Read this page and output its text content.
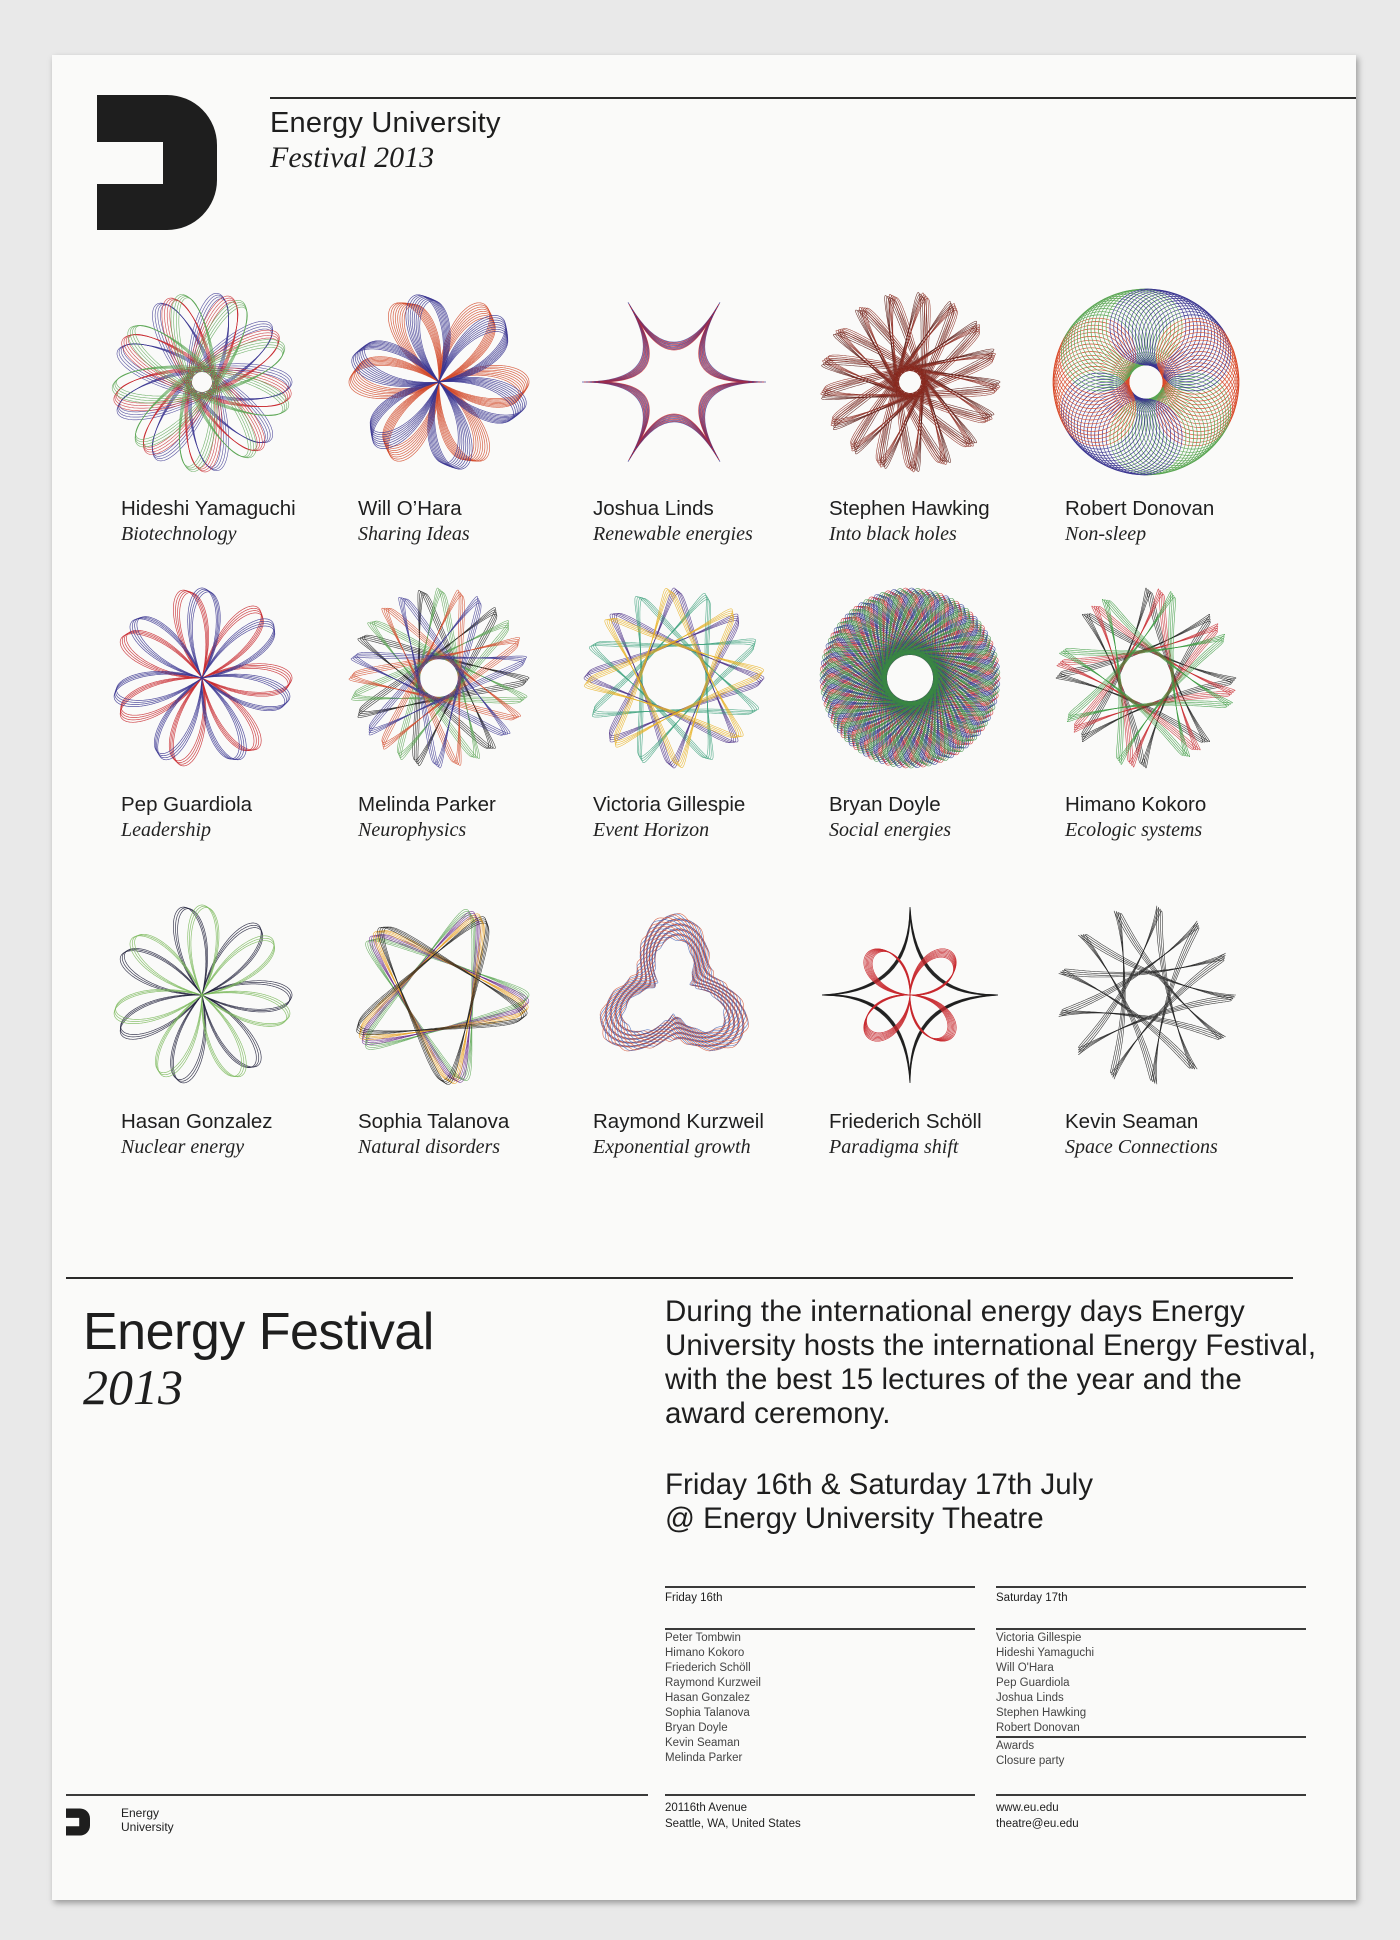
Energy University
Festival 2013
Hideshi Yamaguchi
Biotechnology
Will O’Hara
Sharing Ideas
Joshua Linds
Renewable energies
Stephen Hawking
Into black holes
Robert Donovan
Non-sleep
Pep Guardiola
Leadership
Melinda Parker
Neurophysics
Victoria Gillespie
Event Horizon
Bryan Doyle
Social energies
Himano Kokoro
Ecologic systems
Hasan Gonzalez
Nuclear energy
Sophia Talanova
Natural disorders
Raymond Kurzweil
Exponential growth
Friederich Schöll
Paradigma shift
Kevin Seaman
Space Connections
Energy Festival
2013
During the international energy days Energy University hosts the international Energy Festival, with the best 15 lectures of the year and the award ceremony.
Friday 16th & Saturday 17th July
@ Energy University Theatre
Friday 16th	Saturday 17th
Peter Tombwin
Himano Kokoro
Friederich Schöll
Raymond Kurzweil
Hasan Gonzalez
Sophia Talanova
Bryan Doyle
Kevin Seaman
Melinda Parker
Victoria Gillespie
Hideshi Yamaguchi
Will O'Hara
Pep Guardiola
Joshua Linds
Stephen Hawking
Robert Donovan
Awards
Closure party
Energy
University
20116th Avenue
Seattle, WA, United States
www.eu.edu
theatre@eu.edu
